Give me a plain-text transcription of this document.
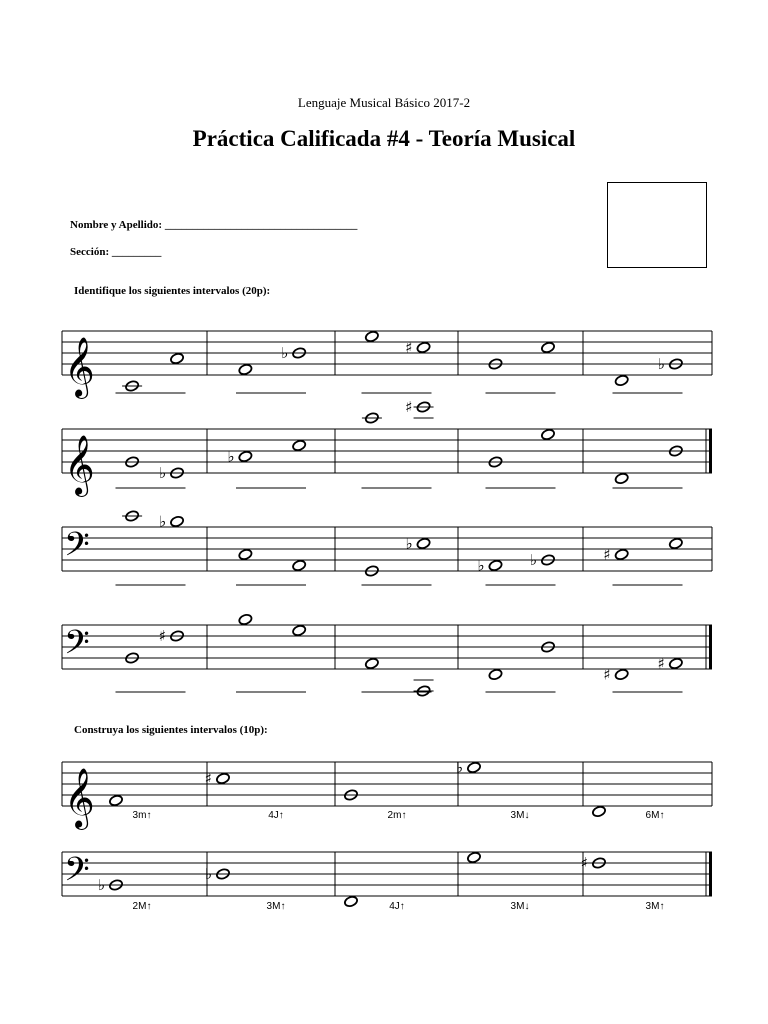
Lenguaje Musical Básico 2017-2
Práctica Calificada #4 - Teoría Musical
Nombre y Apellido: ___________________________________
Sección: _________
Identifique los siguientes intervalos (20p):
Construya los siguientes intervalos (10p):
𝄞	♭	♯
♭
𝄞	♭
♭
♯
𝄢
♭
♭
♭	♭	♯
𝄢	♯
♯
♯
𝄞	3m↑
♯
4J↑	2m↑
♭
3M↓	6M↑
𝄢 ♭
2M↑
♭
3M↑	4J↑	3M↓
♯
3M↑
